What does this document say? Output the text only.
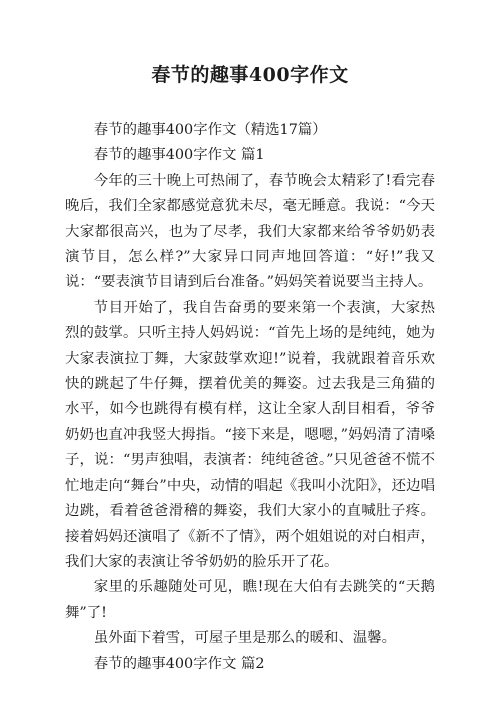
春节的趣事400字作文

春节的趣事400字作文（精选17篇）

春节的趣事400字作文 篇1

今年的三十晚上可热闹了，春节晚会太精彩了!看完春晚后，我们全家都感觉意犹未尽，毫无睡意。我说：“今天大家都很高兴，也为了尽孝，我们大家都来给爷爷奶奶表演节目，怎么样?”大家异口同声地回答道：“好!”我又说：“要表演节目请到后台准备。”妈妈笑着说要当主持人。

节目开始了，我自告奋勇的要来第一个表演，大家热烈的鼓掌。只听主持人妈妈说：“首先上场的是纯纯，她为大家表演拉丁舞，大家鼓掌欢迎!”说着，我就跟着音乐欢快的跳起了牛仔舞，摆着优美的舞姿。过去我是三角猫的水平，如今也跳得有模有样，这让全家人刮目相看，爷爷奶奶也直冲我竖大拇指。“接下来是，嗯嗯，”妈妈清了清嗓子，说：“男声独唱，表演者：纯纯爸爸。”只见爸爸不慌不忙地走向“舞台”中央，动情的唱起《我叫小沈阳》，还边唱边跳，看着爸爸滑稽的舞姿，我们大家小的直喊肚子疼。接着妈妈还演唱了《新不了情》，两个姐姐说的对白相声，我们大家的表演让爷爷奶奶的脸乐开了花。

家里的乐趣随处可见，瞧!现在大伯有去跳笑的“天鹅舞”了!

虽外面下着雪，可屋子里是那么的暖和、温馨。

春节的趣事400字作文 篇2
